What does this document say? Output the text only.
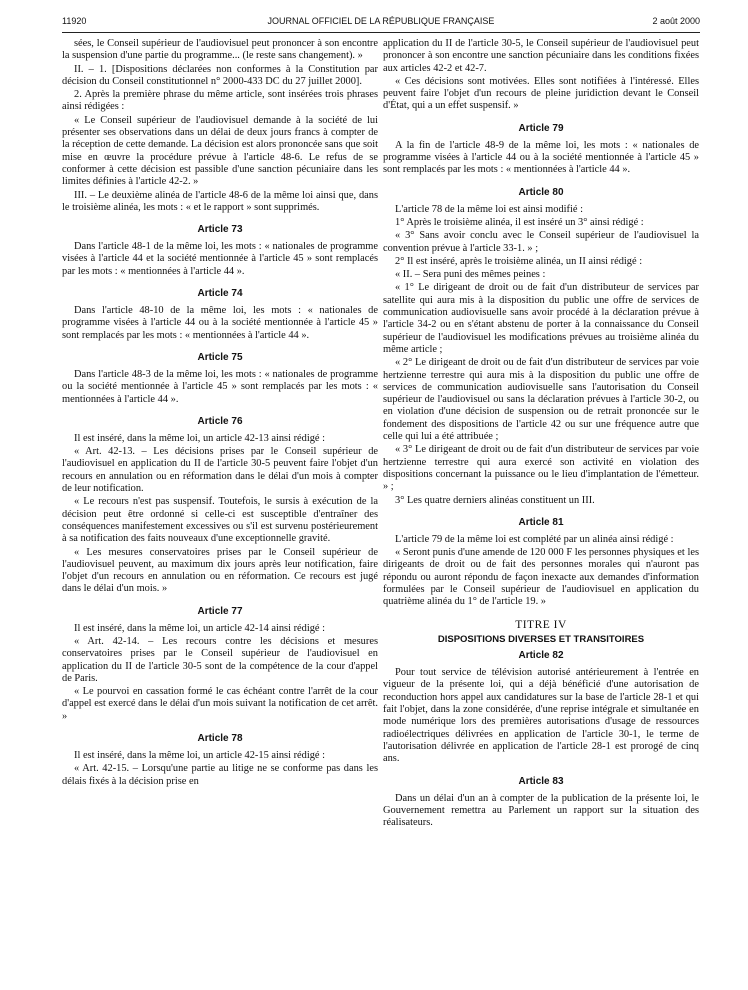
11920	JOURNAL OFFICIEL DE LA RÉPUBLIQUE FRANÇAISE	2 août 2000

sées, le Conseil supérieur de l'audiovisuel peut prononcer à son encontre la suspension d'une partie du programme... (le reste sans changement). »

II. – 1. [Dispositions déclarées non conformes à la Constitution par décision du Conseil constitutionnel n° 2000-433 DC du 27 juillet 2000].

2. Après la première phrase du même article, sont insérées trois phrases ainsi rédigées :

« Le Conseil supérieur de l'audiovisuel demande à la société de lui présenter ses observations dans un délai de deux jours francs à compter de la réception de cette demande. La décision est alors prononcée sans que soit mise en œuvre la procédure prévue à l'article 48-6. Le refus de se conformer à cette décision est passible d'une sanction pécuniaire dans les limites définies à l'article 42-2. »

III. – Le deuxième alinéa de l'article 48-6 de la même loi ainsi que, dans le troisième alinéa, les mots : « et le rapport » sont supprimés.

Article 73

Dans l'article 48-1 de la même loi, les mots : « nationales de programme visées à l'article 44 et la société mentionnée à l'article 45 » sont remplacés par les mots : « mentionnées à l'article 44 ».

Article 74

Dans l'article 48-10 de la même loi, les mots : « nationales de programme visées à l'article 44 ou à la société mentionnée à l'article 45 » sont remplacés par les mots : « mentionnées à l'article 44 ».

Article 75

Dans l'article 48-3 de la même loi, les mots : « nationales de programme ou la société mentionnée à l'article 45 » sont remplacés par les mots : « mentionnées à l'article 44 ».

Article 76

Il est inséré, dans la même loi, un article 42-13 ainsi rédigé :

« Art. 42-13. – Les décisions prises par le Conseil supérieur de l'audiovisuel en application du II de l'article 30-5 peuvent faire l'objet d'un recours en annulation ou en réformation dans le délai d'un mois à compter de leur notification.

« Le recours n'est pas suspensif. Toutefois, le sursis à exécution de la décision peut être ordonné si celle-ci est susceptible d'entraîner des conséquences manifestement excessives ou s'il est survenu postérieurement à sa notification des faits nouveaux d'une exceptionnelle gravité.

« Les mesures conservatoires prises par le Conseil supérieur de l'audiovisuel peuvent, au maximum dix jours après leur notification, faire l'objet d'un recours en annulation ou en réformation. Ce recours est jugé dans le délai d'un mois. »

Article 77

Il est inséré, dans la même loi, un article 42-14 ainsi rédigé :

« Art. 42-14. – Les recours contre les décisions et mesures conservatoires prises par le Conseil supérieur de l'audiovisuel en application du II de l'article 30-5 sont de la compétence de la cour d'appel de Paris.

« Le pourvoi en cassation formé le cas échéant contre l'arrêt de la cour d'appel est exercé dans le délai d'un mois suivant la notification de cet arrêt. »

Article 78

Il est inséré, dans la même loi, un article 42-15 ainsi rédigé :

« Art. 42-15. – Lorsqu'une partie au litige ne se conforme pas dans les délais fixés à la décision prise en

application du II de l'article 30-5, le Conseil supérieur de l'audiovisuel peut prononcer à son encontre une sanction pécuniaire dans les conditions fixées aux articles 42-2 et 42-7.

« Ces décisions sont motivées. Elles sont notifiées à l'intéressé. Elles peuvent faire l'objet d'un recours de pleine juridiction devant le Conseil d'État, qui a un effet suspensif. »

Article 79

A la fin de l'article 48-9 de la même loi, les mots : « nationales de programme visées à l'article 44 ou à la société mentionnée à l'article 45 » sont remplacés par les mots : « mentionnées à l'article 44 ».

Article 80

L'article 78 de la même loi est ainsi modifié :

1° Après le troisième alinéa, il est inséré un 3° ainsi rédigé :

« 3° Sans avoir conclu avec le Conseil supérieur de l'audiovisuel la convention prévue à l'article 33-1. » ;

2° Il est inséré, après le troisième alinéa, un II ainsi rédigé :

« II. – Sera puni des mêmes peines :

« 1° Le dirigeant de droit ou de fait d'un distributeur de services par satellite qui aura mis à la disposition du public une offre de services de communication audiovisuelle sans avoir procédé à la déclaration prévue à l'article 34-2 ou en s'étant abstenu de porter à la connaissance du Conseil supérieur de l'audiovisuel les modifications prévues au troisième alinéa du même article ;

« 2° Le dirigeant de droit ou de fait d'un distributeur de services par voie hertzienne terrestre qui aura mis à la disposition du public une offre de services de communication audiovisuelle sans l'autorisation du Conseil supérieur de l'audiovisuel ou sans la déclaration prévues à l'article 30-2, ou en violation d'une décision de suspension ou de retrait prononcée sur le fondement des dispositions de l'article 42 ou sur une fréquence autre que celle qui lui a été attribuée ;

« 3° Le dirigeant de droit ou de fait d'un distributeur de services par voie hertzienne terrestre qui aura exercé son activité en violation des dispositions concernant la puissance ou le lieu d'implantation de l'émetteur. » ;

3° Les quatre derniers alinéas constituent un III.

Article 81

L'article 79 de la même loi est complété par un alinéa ainsi rédigé :

« Seront punis d'une amende de 120 000 F les personnes physiques et les dirigeants de droit ou de fait des personnes morales qui n'auront pas répondu ou auront répondu de façon inexacte aux demandes d'information formulées par le Conseil supérieur de l'audiovisuel en application du quatrième alinéa du 1° de l'article 19. »

TITRE IV
DISPOSITIONS DIVERSES ET TRANSITOIRES
Article 82

Pour tout service de télévision autorisé antérieurement à l'entrée en vigueur de la présente loi, qui a déjà bénéficié d'une autorisation de reconduction hors appel aux candidatures sur la base de l'article 28-1 et qui fait l'objet, dans la zone considérée, d'une reprise intégrale et simultanée en mode numérique lors des premières autorisations d'usage de ressources radioélectriques délivrées en application de l'article 30-1, le terme de l'autorisation délivrée en application de l'article 28-1 est prorogé de cinq ans.

Article 83

Dans un délai d'un an à compter de la publication de la présente loi, le Gouvernement remettra au Parlement un rapport sur la situation des réalisateurs.
